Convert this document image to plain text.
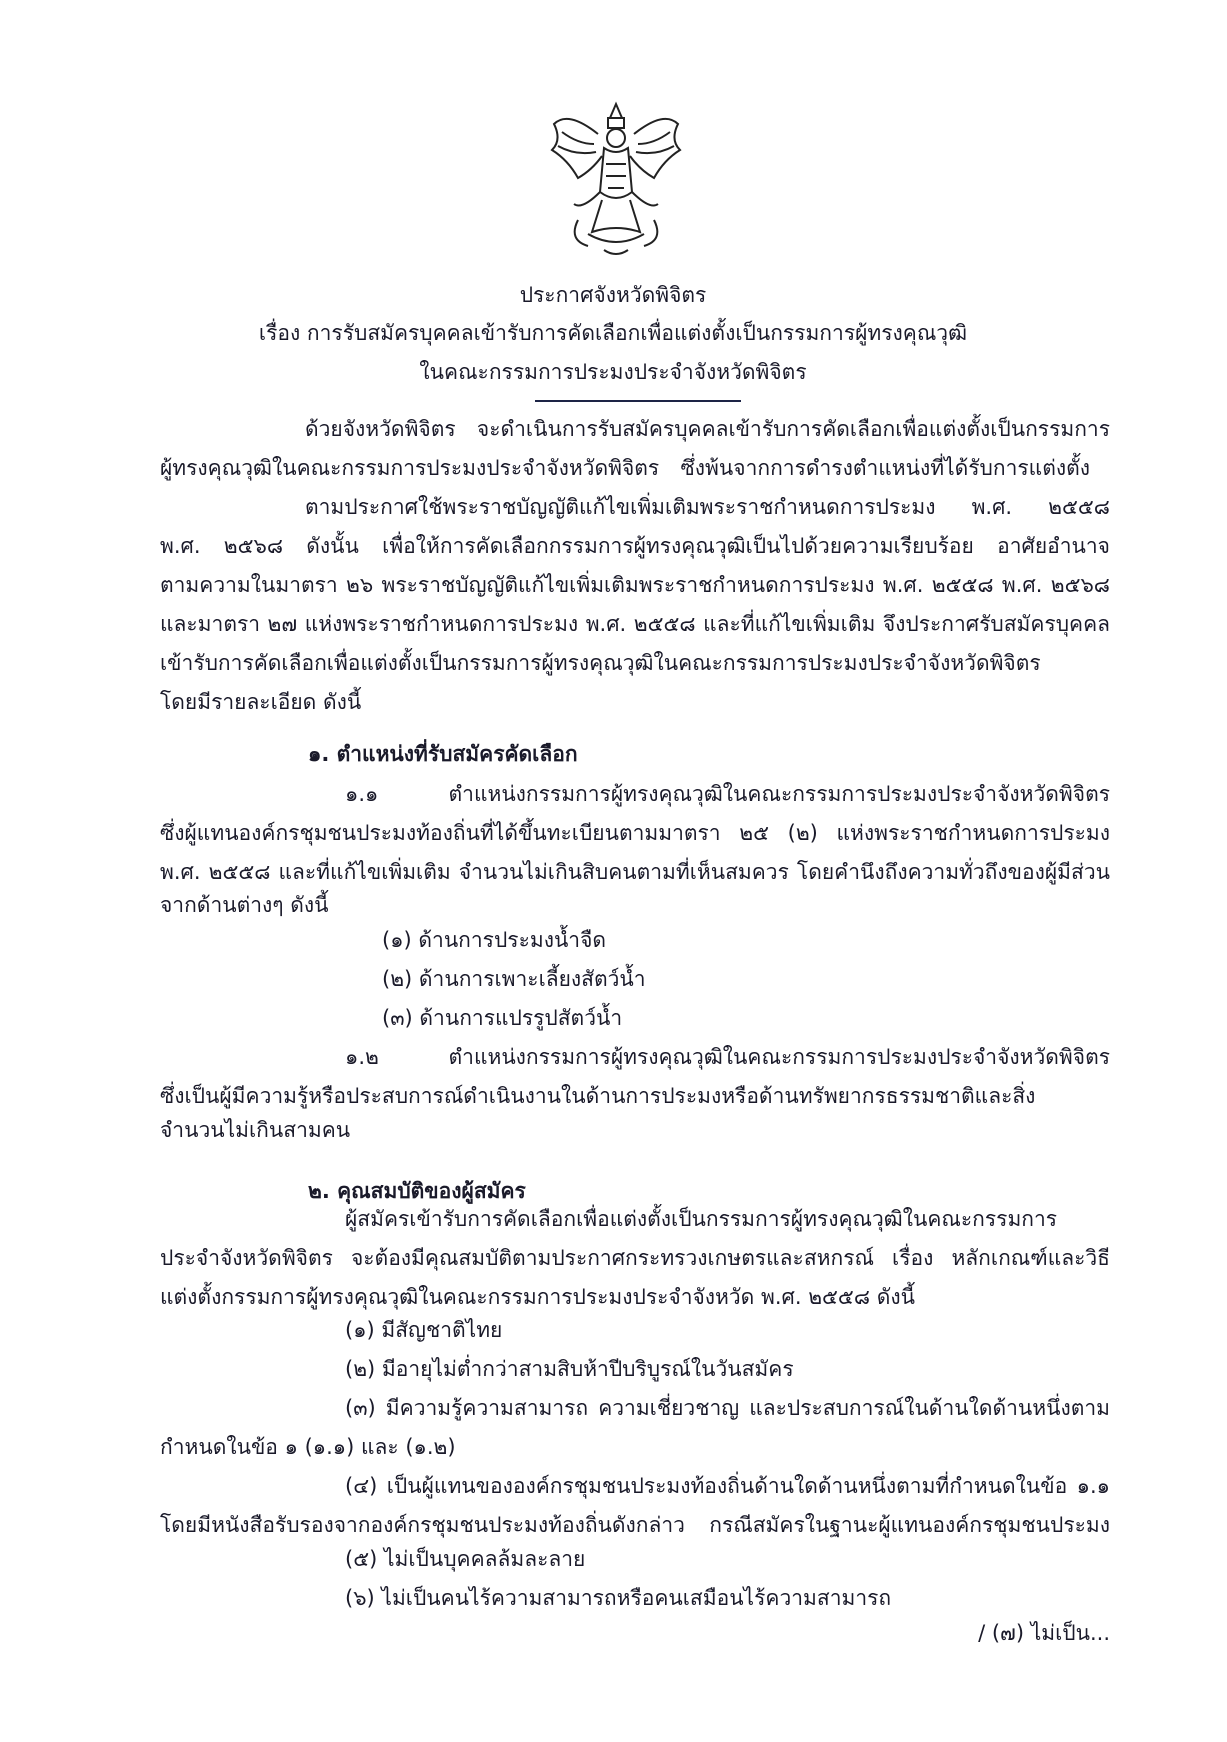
ประกาศจังหวัดพิจิตร
เรื่อง การรับสมัครบุคคลเข้ารับการคัดเลือกเพื่อแต่งตั้งเป็นกรรมการผู้ทรงคุณวุฒิ
ในคณะกรรมการประมงประจำจังหวัดพิจิตร
ด้วยจังหวัดพิจิตร จะดำเนินการรับสมัครบุคคลเข้ารับการคัดเลือกเพื่อแต่งตั้งเป็นกรรมการ
ผู้ทรงคุณวุฒิในคณะกรรมการประมงประจำจังหวัดพิจิตร ซึ่งพ้นจากการดำรงตำแหน่งที่ได้รับการแต่งตั้ง
ตามประกาศใช้พระราชบัญญัติแก้ไขเพิ่มเติมพระราชกำหนดการประมง พ.ศ. ๒๕๕๘
พ.ศ. ๒๕๖๘ ดังนั้น เพื่อให้การคัดเลือกกรรมการผู้ทรงคุณวุฒิเป็นไปด้วยความเรียบร้อย อาศัยอำนาจ
ตามความในมาตรา ๒๖ พระราชบัญญัติแก้ไขเพิ่มเติมพระราชกำหนดการประมง พ.ศ. ๒๕๕๘ พ.ศ. ๒๕๖๘
และมาตรา ๒๗ แห่งพระราชกำหนดการประมง พ.ศ. ๒๕๕๘ และที่แก้ไขเพิ่มเติม จึงประกาศรับสมัครบุคคล
เข้ารับการคัดเลือกเพื่อแต่งตั้งเป็นกรรมการผู้ทรงคุณวุฒิในคณะกรรมการประมงประจำจังหวัดพิจิตร
โดยมีรายละเอียด ดังนี้
๑. ตำแหน่งที่รับสมัครคัดเลือก
๑.๑ ตำแหน่งกรรมการผู้ทรงคุณวุฒิในคณะกรรมการประมงประจำจังหวัดพิจิตร
ซึ่งผู้แทนองค์กรชุมชนประมงท้องถิ่นที่ได้ขึ้นทะเบียนตามมาตรา ๒๕ (๒) แห่งพระราชกำหนดการประมง
พ.ศ. ๒๕๕๘ และที่แก้ไขเพิ่มเติม จำนวนไม่เกินสิบคนตามที่เห็นสมควร โดยคำนึงถึงความทั่วถึงของผู้มีส่วน
จากด้านต่างๆ ดังนี้
(๑) ด้านการประมงน้ำจืด
(๒) ด้านการเพาะเลี้ยงสัตว์น้ำ
(๓) ด้านการแปรรูปสัตว์น้ำ
๑.๒ ตำแหน่งกรรมการผู้ทรงคุณวุฒิในคณะกรรมการประมงประจำจังหวัดพิจิตร
ซึ่งเป็นผู้มีความรู้หรือประสบการณ์ดำเนินงานในด้านการประมงหรือด้านทรัพยากรธรรมชาติและสิ่ง
จำนวนไม่เกินสามคน
๒. คุณสมบัติของผู้สมัคร
ผู้สมัครเข้ารับการคัดเลือกเพื่อแต่งตั้งเป็นกรรมการผู้ทรงคุณวุฒิในคณะกรรมการ
ประจำจังหวัดพิจิตร จะต้องมีคุณสมบัติตามประกาศกระทรวงเกษตรและสหกรณ์ เรื่อง หลักเกณฑ์และวิธี
แต่งตั้งกรรมการผู้ทรงคุณวุฒิในคณะกรรมการประมงประจำจังหวัด พ.ศ. ๒๕๕๘ ดังนี้
(๑) มีสัญชาติไทย
(๒) มีอายุไม่ต่ำกว่าสามสิบห้าปีบริบูรณ์ในวันสมัคร
(๓) มีความรู้ความสามารถ ความเชี่ยวชาญ และประสบการณ์ในด้านใดด้านหนึ่งตาม
กำหนดในข้อ ๑ (๑.๑) และ (๑.๒)
(๔) เป็นผู้แทนขององค์กรชุมชนประมงท้องถิ่นด้านใดด้านหนึ่งตามที่กำหนดในข้อ ๑.๑
โดยมีหนังสือรับรองจากองค์กรชุมชนประมงท้องถิ่นดังกล่าว กรณีสมัครในฐานะผู้แทนองค์กรชุมชนประมง
(๕) ไม่เป็นบุคคลล้มละลาย
(๖) ไม่เป็นคนไร้ความสามารถหรือคนเสมือนไร้ความสามารถ
/ (๗) ไม่เป็น...
